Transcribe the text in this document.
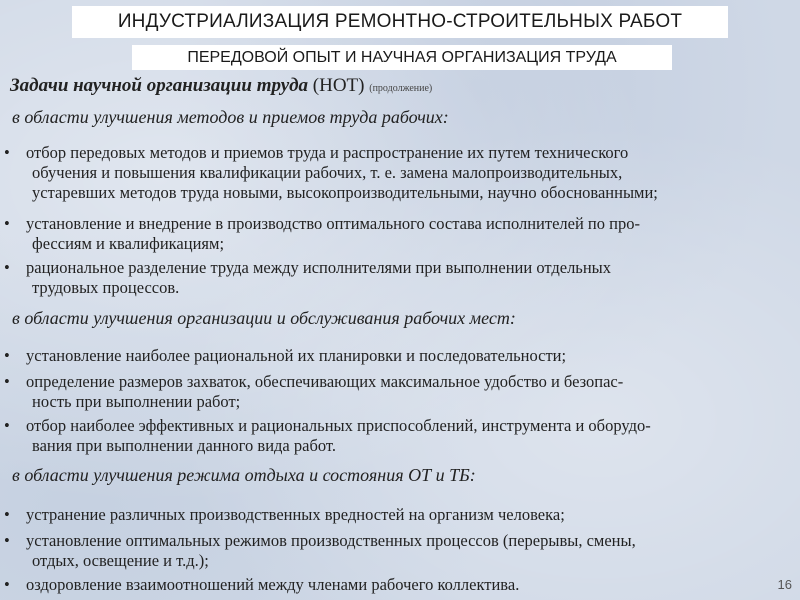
ИНДУСТРИАЛИЗАЦИЯ РЕМОНТНО-СТРОИТЕЛЬНЫХ РАБОТ
ПЕРЕДОВОЙ ОПЫТ И НАУЧНАЯ ОРГАНИЗАЦИЯ ТРУДА
Задачи научной организации труда (НОТ) (продолжение)
в области улучшения методов и приемов труда рабочих:
• отбор передовых методов и приемов труда и распространение их путем технического
обучения и повышения квалификации рабочих, т. е. замена малопроизводительных,
устаревших методов труда новыми, высокопроизводительными, научно обоснованными;
• установление и внедрение в производство оптимального состава исполнителей по про-
фессиям и квалификациям;
• рациональное разделение труда между исполнителями при выполнении отдельных
трудовых процессов.
в области улучшения организации и обслуживания рабочих мест:
• установление наиболее рациональной их планировки и последовательности;
• определение размеров захваток, обеспечивающих максимальное удобство и безопас-
ность при выполнении работ;
• отбор наиболее эффективных и рациональных приспособлений, инструмента и оборудо-
вания при выполнении данного вида работ.
в области улучшения режима отдыха и состояния ОТ и ТБ:
• устранение различных производственных вредностей на организм человека;
• установление оптимальных режимов производственных процессов (перерывы, смены,
отдых, освещение и т.д.);
• оздоровление взаимоотношений между членами рабочего коллектива.	16
